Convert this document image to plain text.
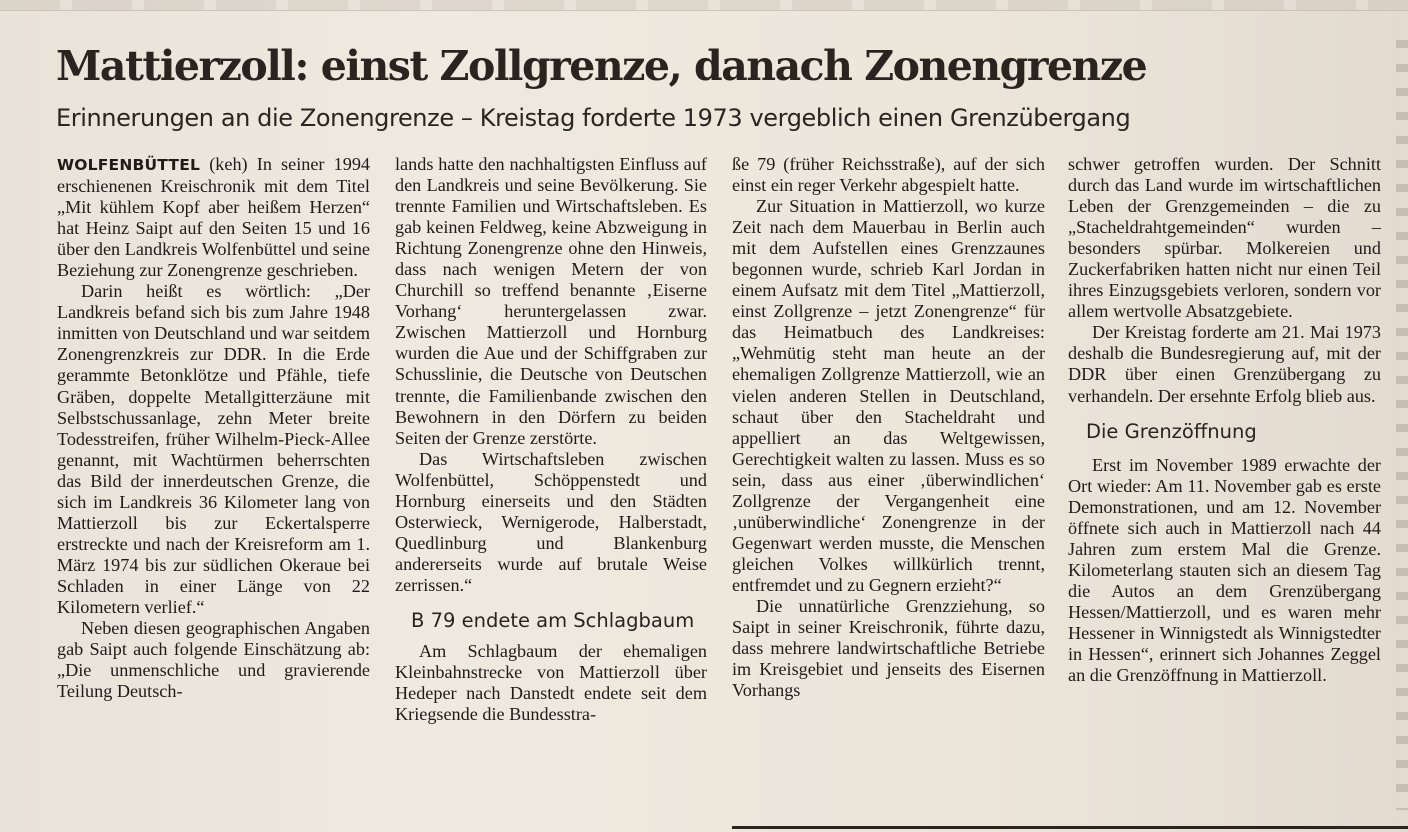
Mattierzoll: einst Zollgrenze, danach Zonengrenze
Erinnerungen an die Zonengrenze – Kreistag forderte 1973 vergeblich einen Grenzübergang

WOLFENBÜTTEL (keh) In seiner 1994 erschienenen Kreischronik mit dem Titel „Mit kühlem Kopf aber heißem Herzen“ hat Heinz Saipt auf den Seiten 15 und 16 über den Landkreis Wolfenbüttel und seine Beziehung zur Zonengrenze geschrieben.

Darin heißt es wörtlich: „Der Landkreis befand sich bis zum Jahre 1948 inmitten von Deutschland und war seitdem Zonengrenzkreis zur DDR. In die Erde gerammte Betonklötze und Pfähle, tiefe Gräben, doppelte Metallgitterzäune mit Selbstschussanlage, zehn Meter breite Todesstreifen, früher Wilhelm-Pieck-Allee genannt, mit Wachtürmen beherrschten das Bild der innerdeutschen Grenze, die sich im Landkreis 36 Kilometer lang von Mattierzoll bis zur Eckertalsperre erstreckte und nach der Kreisreform am 1. März 1974 bis zur südlichen Okeraue bei Schladen in einer Länge von 22 Kilometern verlief.“

Neben diesen geographischen Angaben gab Saipt auch folgende Einschätzung ab: „Die unmenschliche und gravierende Teilung Deutsch-

lands hatte den nachhaltigsten Einfluss auf den Landkreis und seine Bevölkerung. Sie trennte Familien und Wirtschaftsleben. Es gab keinen Feldweg, keine Abzweigung in Richtung Zonengrenze ohne den Hinweis, dass nach wenigen Metern der von Churchill so treffend benannte ‚Eiserne Vorhang‘ heruntergelassen zwar. Zwischen Mattierzoll und Hornburg wurden die Aue und der Schiffgraben zur Schusslinie, die Deutsche von Deutschen trennte, die Familienbande zwischen den Bewohnern in den Dörfern zu beiden Seiten der Grenze zerstörte.

Das Wirtschaftsleben zwischen Wolfenbüttel, Schöppenstedt und Hornburg einerseits und den Städten Osterwieck, Wernigerode, Halberstadt, Quedlinburg und Blankenburg andererseits wurde auf brutale Weise zerrissen.“

B 79 endete am Schlagbaum

Am Schlagbaum der ehemaligen Kleinbahnstrecke von Mattierzoll über Hedeper nach Danstedt endete seit dem Kriegsende die Bundesstra-

ße 79 (früher Reichsstraße), auf der sich einst ein reger Verkehr abgespielt hatte.

Zur Situation in Mattierzoll, wo kurze Zeit nach dem Mauerbau in Berlin auch mit dem Aufstellen eines Grenzzaunes begonnen wurde, schrieb Karl Jordan in einem Aufsatz mit dem Titel „Mattierzoll, einst Zollgrenze – jetzt Zonengrenze“ für das Heimatbuch des Landkreises: „Wehmütig steht man heute an der ehemaligen Zollgrenze Mattierzoll, wie an vielen anderen Stellen in Deutschland, schaut über den Stacheldraht und appelliert an das Weltgewissen, Gerechtigkeit walten zu lassen. Muss es so sein, dass aus einer ‚überwindlichen‘ Zollgrenze der Vergangenheit eine ‚unüberwindliche‘ Zonengrenze in der Gegenwart werden musste, die Menschen gleichen Volkes willkürlich trennt, entfremdet und zu Gegnern erzieht?“

Die unnatürliche Grenzziehung, so Saipt in seiner Kreischronik, führte dazu, dass mehrere landwirtschaftliche Betriebe im Kreisgebiet und jenseits des Eisernen Vorhangs

schwer getroffen wurden. Der Schnitt durch das Land wurde im wirtschaftlichen Leben der Grenzgemeinden – die zu „Stacheldrahtgemeinden“ wurden – besonders spürbar. Molkereien und Zuckerfabriken hatten nicht nur einen Teil ihres Einzugsgebiets verloren, sondern vor allem wertvolle Absatzgebiete.

Der Kreistag forderte am 21. Mai 1973 deshalb die Bundesregierung auf, mit der DDR über einen Grenzübergang zu verhandeln. Der ersehnte Erfolg blieb aus.

Die Grenzöffnung

Erst im November 1989 erwachte der Ort wieder: Am 11. November gab es erste Demonstrationen, und am 12. November öffnete sich auch in Mattierzoll nach 44 Jahren zum erstem Mal die Grenze. Kilometerlang stauten sich an diesem Tag die Autos an dem Grenzübergang Hessen/Mattierzoll, und es waren mehr Hessener in Winnigstedt als Winnigstedter in Hessen“, erinnert sich Johannes Zeggel an die Grenzöffnung in Mattierzoll.
